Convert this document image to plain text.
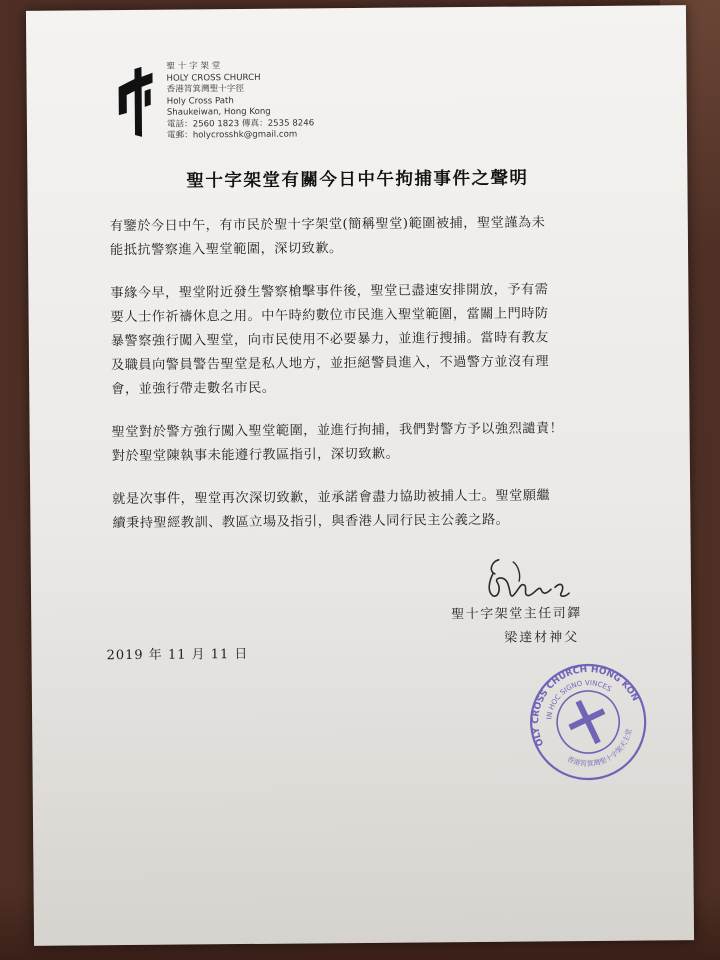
聖 十 字 架 堂
HOLY CROSS CHURCH
香港筲箕灣聖十字徑
Holy Cross Path
Shaukeiwan, Hong Kong
電話：2560 1823 傳真：2535 8246
電郵：holycrosshk@gmail.com
聖十字架堂有關今日中午拘捕事件之聲明

有鑒於今日中午，有市民於聖十字架堂(簡稱聖堂)範圍被捕，聖堂謹為未
能抵抗警察進入聖堂範圍，深切致歉。

事緣今早，聖堂附近發生警察槍擊事件後，聖堂已盡速安排開放，予有需
要人士作祈禱休息之用。中午時約數位市民進入聖堂範圍，當關上門時防
暴警察強行闖入聖堂，向市民使用不必要暴力，並進行搜捕。當時有教友
及職員向警員警告聖堂是私人地方，並拒絕警員進入，不過警方並沒有理
會，並強行帶走數名市民。

聖堂對於警方強行闖入聖堂範圍，並進行拘捕，我們對警方予以強烈譴責！
對於聖堂陳執事未能遵行教區指引，深切致歉。

就是次事件，聖堂再次深切致歉，並承諾會盡力協助被捕人士。聖堂願繼
續秉持聖經教訓、教區立場及指引，與香港人同行民主公義之路。

聖十字架堂主任司鐸
梁達材神父
2019 年 11 月 11 日
HOLY CROSS CHURCH HONG KONG
IN HOC SIGNO VINCES
香港筲箕灣聖十字架天主堂
